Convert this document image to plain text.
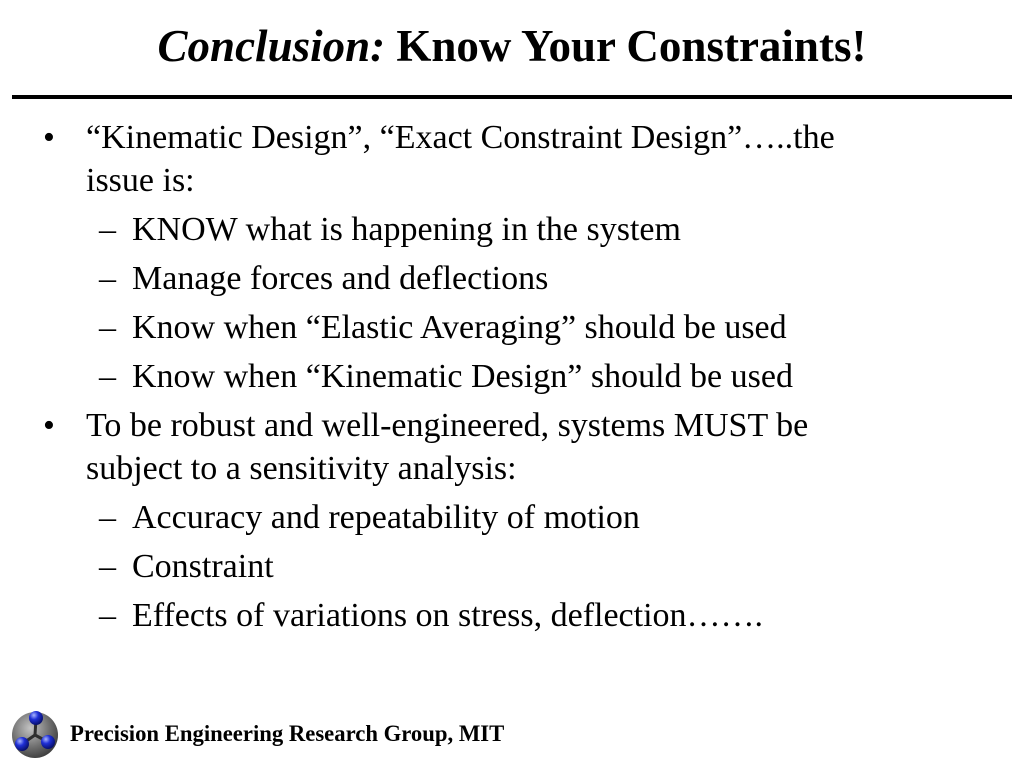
Conclusion: Know Your Constraints!
• “Kinematic Design”, “Exact Constraint Design”…..the issue is:
– KNOW what is happening in the system
– Manage forces and deflections
– Know when “Elastic Averaging” should be used
– Know when “Kinematic Design” should be used
• To be robust and well-engineered, systems MUST be subject to a sensitivity analysis:
– Accuracy and repeatability of motion
– Constraint
– Effects of variations on stress, deflection…….
Precision Engineering Research Group, MIT
